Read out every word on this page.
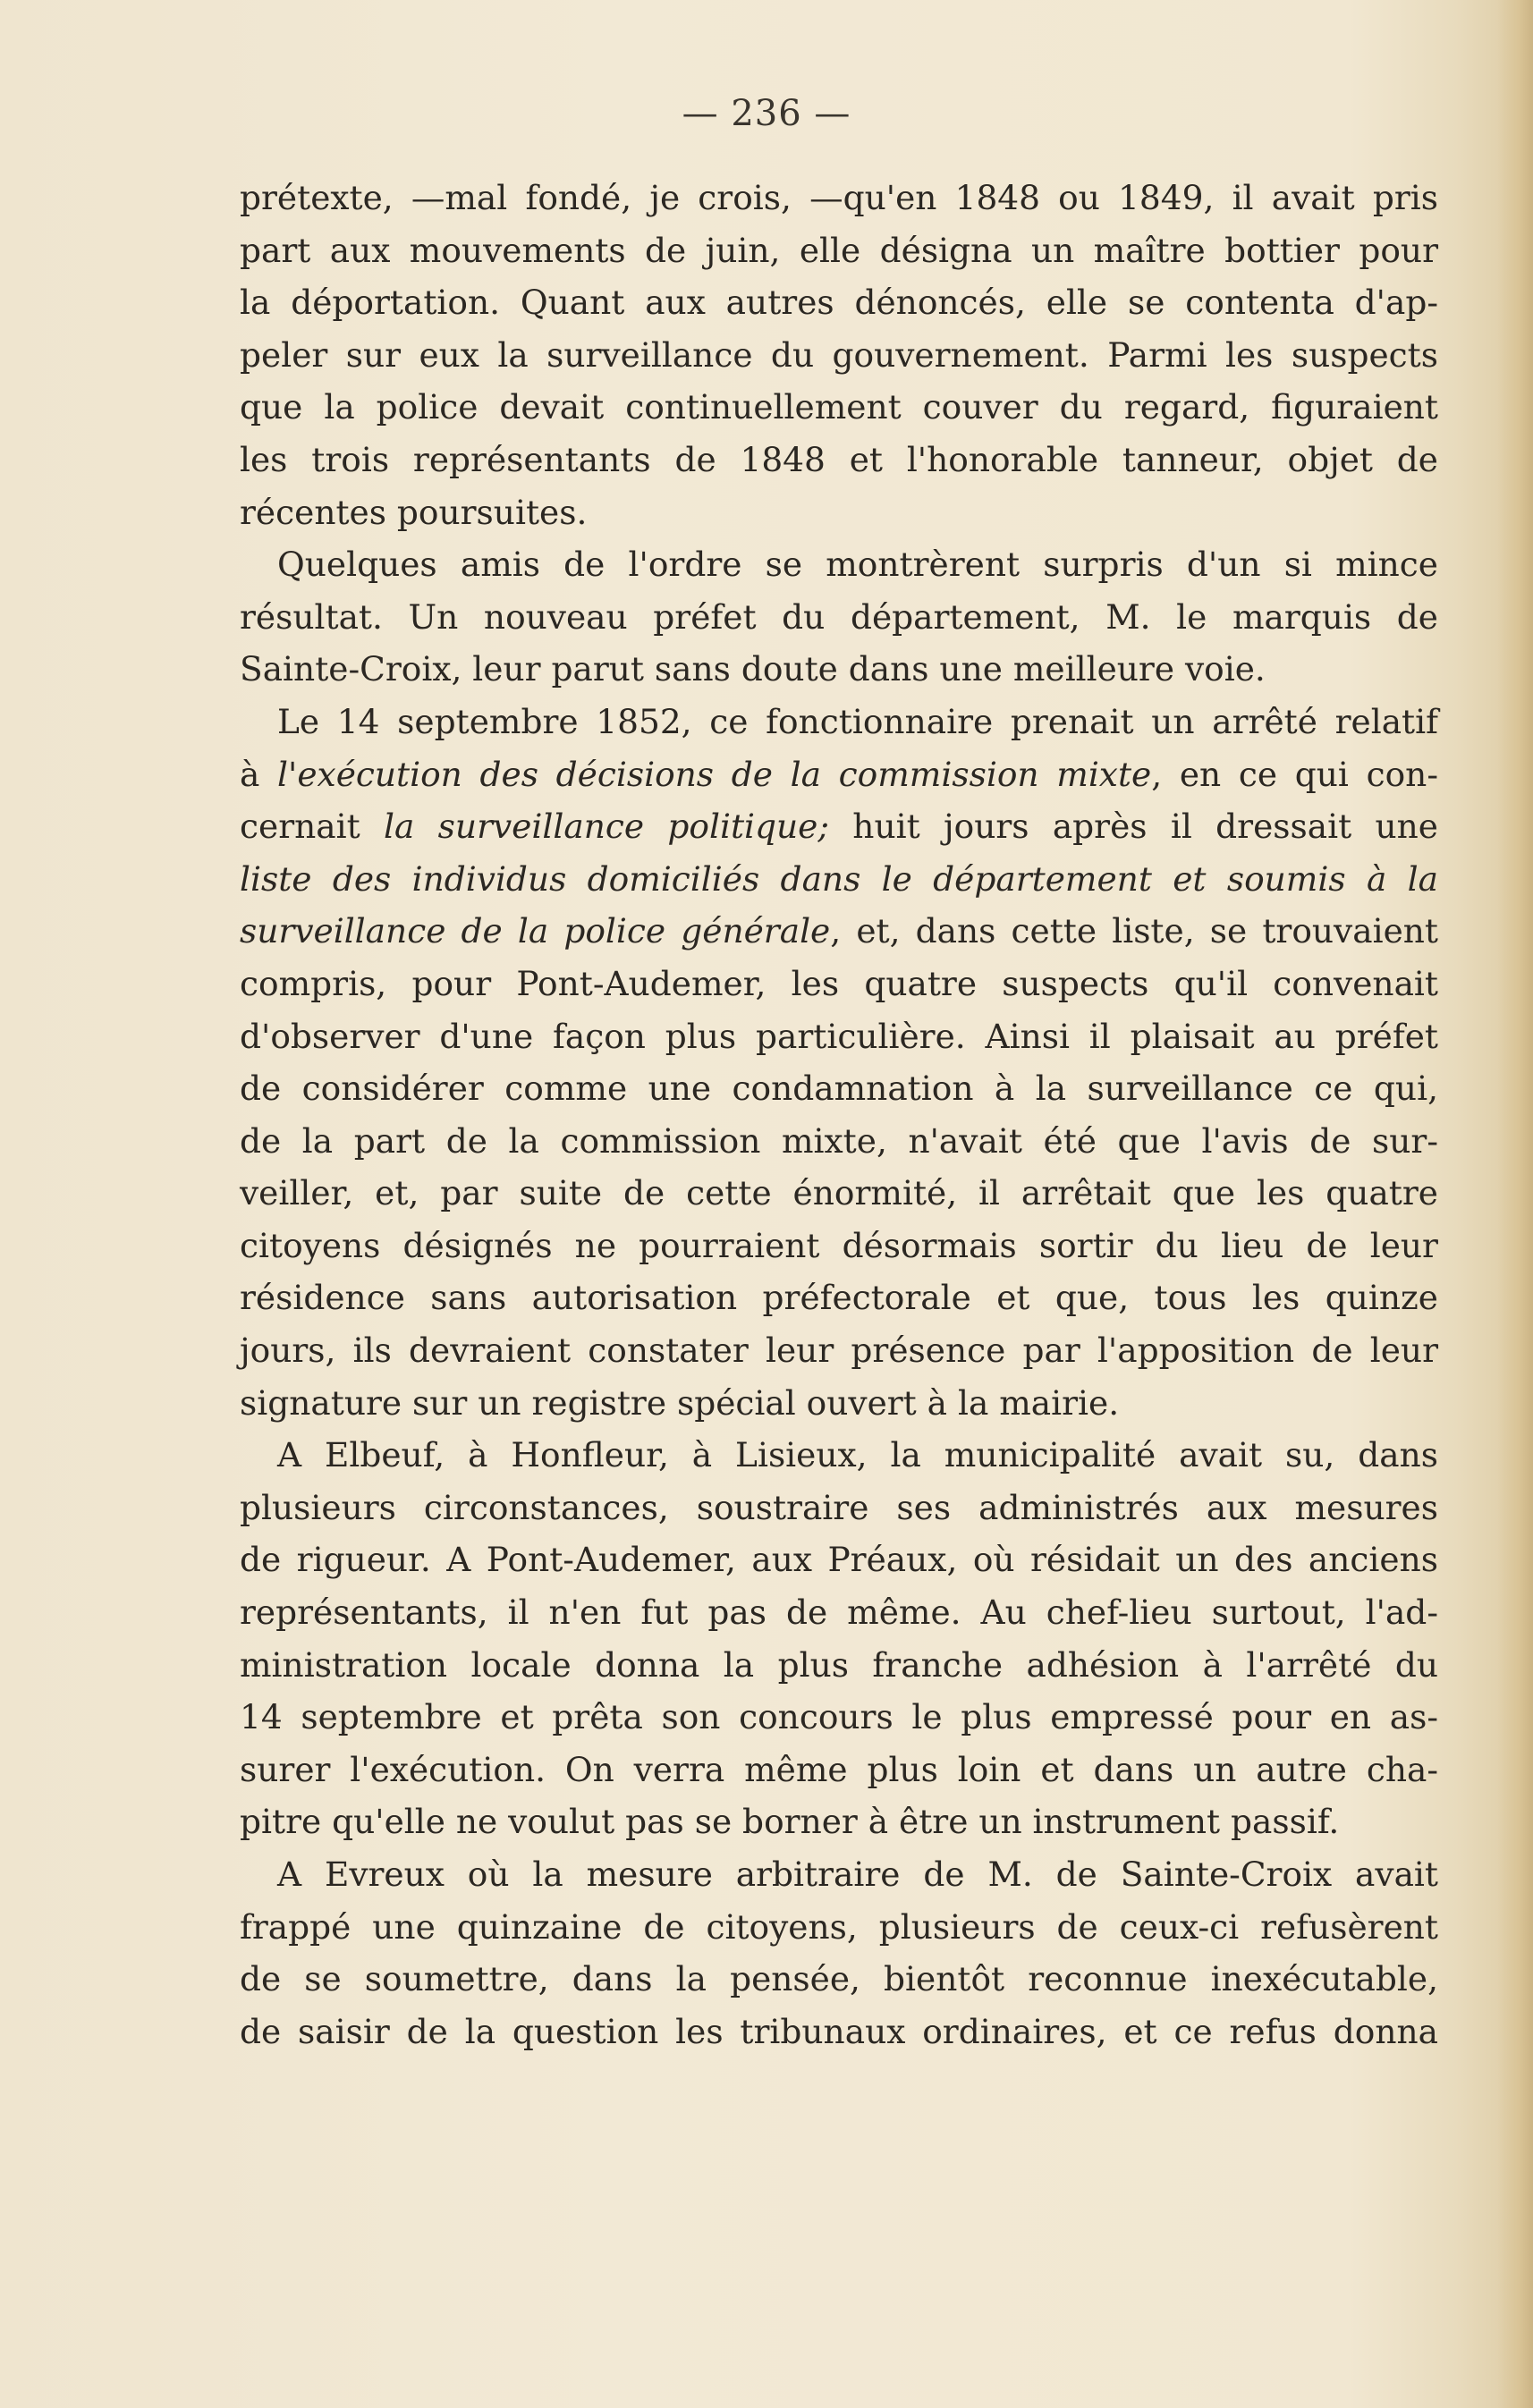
— 236 —
prétexte, —mal fondé, je crois, —qu'en 1848 ou 1849, il avait pris
part aux mouvements de juin, elle désigna un maître bottier pour
la déportation. Quant aux autres dénoncés, elle se contenta d'ap-
peler sur eux la surveillance du gouvernement. Parmi les suspects
que la police devait continuellement couver du regard, figuraient
les trois représentants de 1848 et l'honorable tanneur, objet de
récentes poursuites.
Quelques amis de l'ordre se montrèrent surpris d'un si mince
résultat. Un nouveau préfet du département, M. le marquis de
Sainte-Croix, leur parut sans doute dans une meilleure voie.
Le 14 septembre 1852, ce fonctionnaire prenait un arrêté relatif
à l'exécution des décisions de la commission mixte, en ce qui con-
cernait la surveillance politique; huit jours après il dressait une
liste des individus domiciliés dans le département et soumis à la
surveillance de la police générale, et, dans cette liste, se trouvaient
compris, pour Pont-Audemer, les quatre suspects qu'il convenait
d'observer d'une façon plus particulière. Ainsi il plaisait au préfet
de considérer comme une condamnation à la surveillance ce qui,
de la part de la commission mixte, n'avait été que l'avis de sur-
veiller, et, par suite de cette énormité, il arrêtait que les quatre
citoyens désignés ne pourraient désormais sortir du lieu de leur
résidence sans autorisation préfectorale et que, tous les quinze
jours, ils devraient constater leur présence par l'apposition de leur
signature sur un registre spécial ouvert à la mairie.
A Elbeuf, à Honfleur, à Lisieux, la municipalité avait su, dans
plusieurs circonstances, soustraire ses administrés aux mesures
de rigueur. A Pont-Audemer, aux Préaux, où résidait un des anciens
représentants, il n'en fut pas de même. Au chef-lieu surtout, l'ad-
ministration locale donna la plus franche adhésion à l'arrêté du
14 septembre et prêta son concours le plus empressé pour en as-
surer l'exécution. On verra même plus loin et dans un autre cha-
pitre qu'elle ne voulut pas se borner à être un instrument passif.
A Evreux où la mesure arbitraire de M. de Sainte-Croix avait
frappé une quinzaine de citoyens, plusieurs de ceux-ci refusèrent
de se soumettre, dans la pensée, bientôt reconnue inexécutable,
de saisir de la question les tribunaux ordinaires, et ce refus donna
